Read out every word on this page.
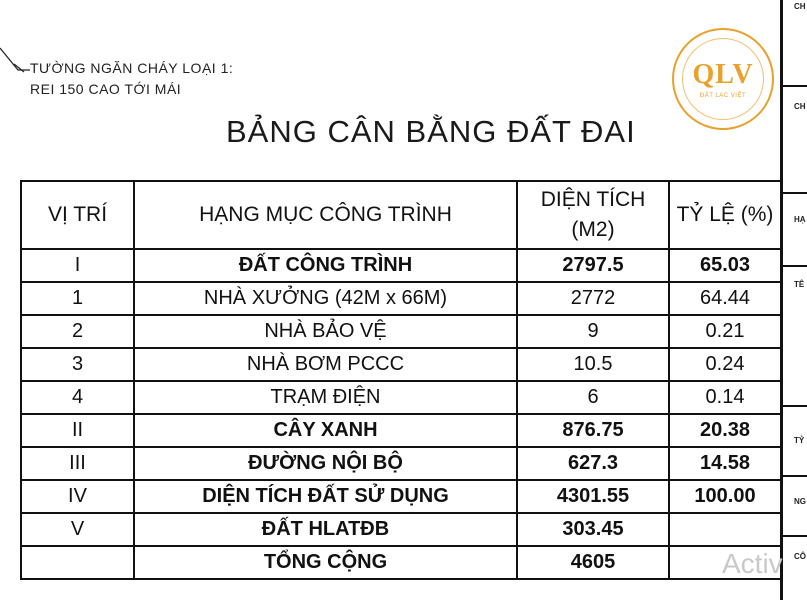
TƯỜNG NGĂN CHÁY LOẠI 1:
REI 150 CAO TỚI MÁI	QLV
ĐẤT LẠC VIỆT
CH
CH
HẠ
TÊ
TỶ
NG
CÔ
BẢNG CÂN BẰNG ĐẤT ĐAI
VỊ TRÍ	HẠNG MỤC CÔNG TRÌNH	DIỆN TÍCH (M2)	TỶ LỆ (%)
I	ĐẤT CÔNG TRÌNH	2797.5	65.03
1	NHÀ XƯỞNG (42M x 66M)	2772	64.44
2	NHÀ BẢO VỆ	9	0.21
3	NHÀ BƠM PCCC	10.5	0.24
4	TRẠM ĐIỆN	6	0.14
II	CÂY XANH	876.75	20.38
III	ĐƯỜNG NỘI BỘ	627.3	14.58
IV	DIỆN TÍCH ĐẤT SỬ DỤNG	4301.55	100.00
V	ĐẤT HLATĐB	303.45	
	TỔNG CỘNG	4605		Activ
